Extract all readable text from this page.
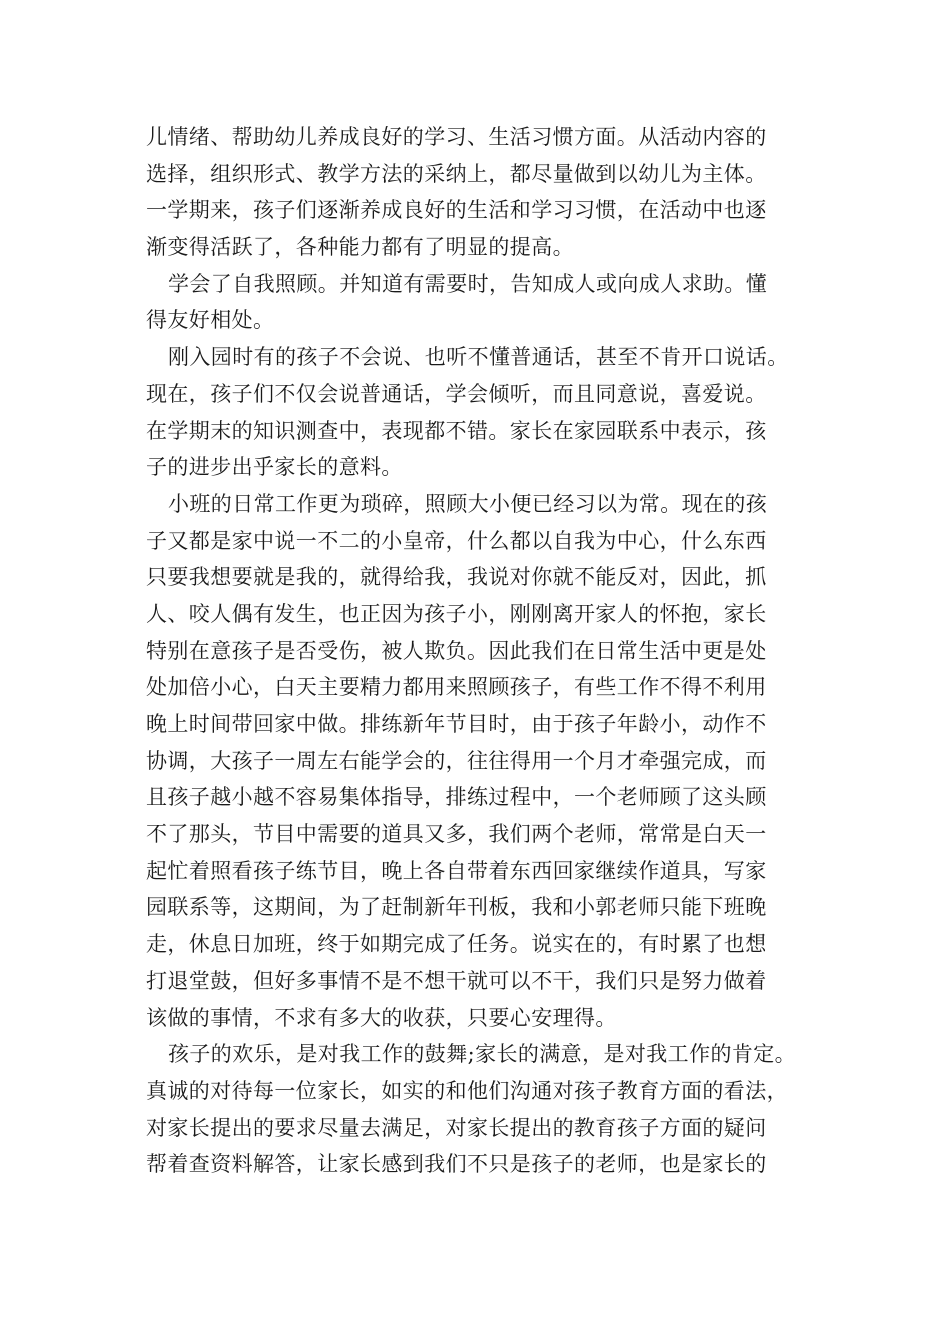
儿情绪、帮助幼儿养成良好的学习、生活习惯方面。从活动内容的
选择，组织形式、教学方法的采纳上，都尽量做到以幼儿为主体。
一学期来，孩子们逐渐养成良好的生活和学习习惯，在活动中也逐
渐变得活跃了，各种能力都有了明显的提高。
学会了自我照顾。并知道有需要时，告知成人或向成人求助。懂
得友好相处。
刚入园时有的孩子不会说、也听不懂普通话，甚至不肯开口说话。
现在，孩子们不仅会说普通话，学会倾听，而且同意说，喜爱说。
在学期末的知识测查中，表现都不错。家长在家园联系中表示，孩
子的进步出乎家长的意料。
小班的日常工作更为琐碎，照顾大小便已经习以为常。现在的孩
子又都是家中说一不二的小皇帝，什么都以自我为中心，什么东西
只要我想要就是我的，就得给我，我说对你就不能反对，因此，抓
人、咬人偶有发生，也正因为孩子小，刚刚离开家人的怀抱，家长
特别在意孩子是否受伤，被人欺负。因此我们在日常生活中更是处
处加倍小心，白天主要精力都用来照顾孩子，有些工作不得不利用
晚上时间带回家中做。排练新年节目时，由于孩子年龄小，动作不
协调，大孩子一周左右能学会的，往往得用一个月才牵强完成，而
且孩子越小越不容易集体指导，排练过程中，一个老师顾了这头顾
不了那头，节目中需要的道具又多，我们两个老师，常常是白天一
起忙着照看孩子练节目，晚上各自带着东西回家继续作道具，写家
园联系等，这期间，为了赶制新年刊板，我和小郭老师只能下班晚
走，休息日加班，终于如期完成了任务。说实在的，有时累了也想
打退堂鼓，但好多事情不是不想干就可以不干，我们只是努力做着
该做的事情，不求有多大的收获，只要心安理得。
孩子的欢乐，是对我工作的鼓舞;家长的满意，是对我工作的肯定。
真诚的对待每一位家长，如实的和他们沟通对孩子教育方面的看法，
对家长提出的要求尽量去满足，对家长提出的教育孩子方面的疑问
帮着查资料解答，让家长感到我们不只是孩子的老师，也是家长的
